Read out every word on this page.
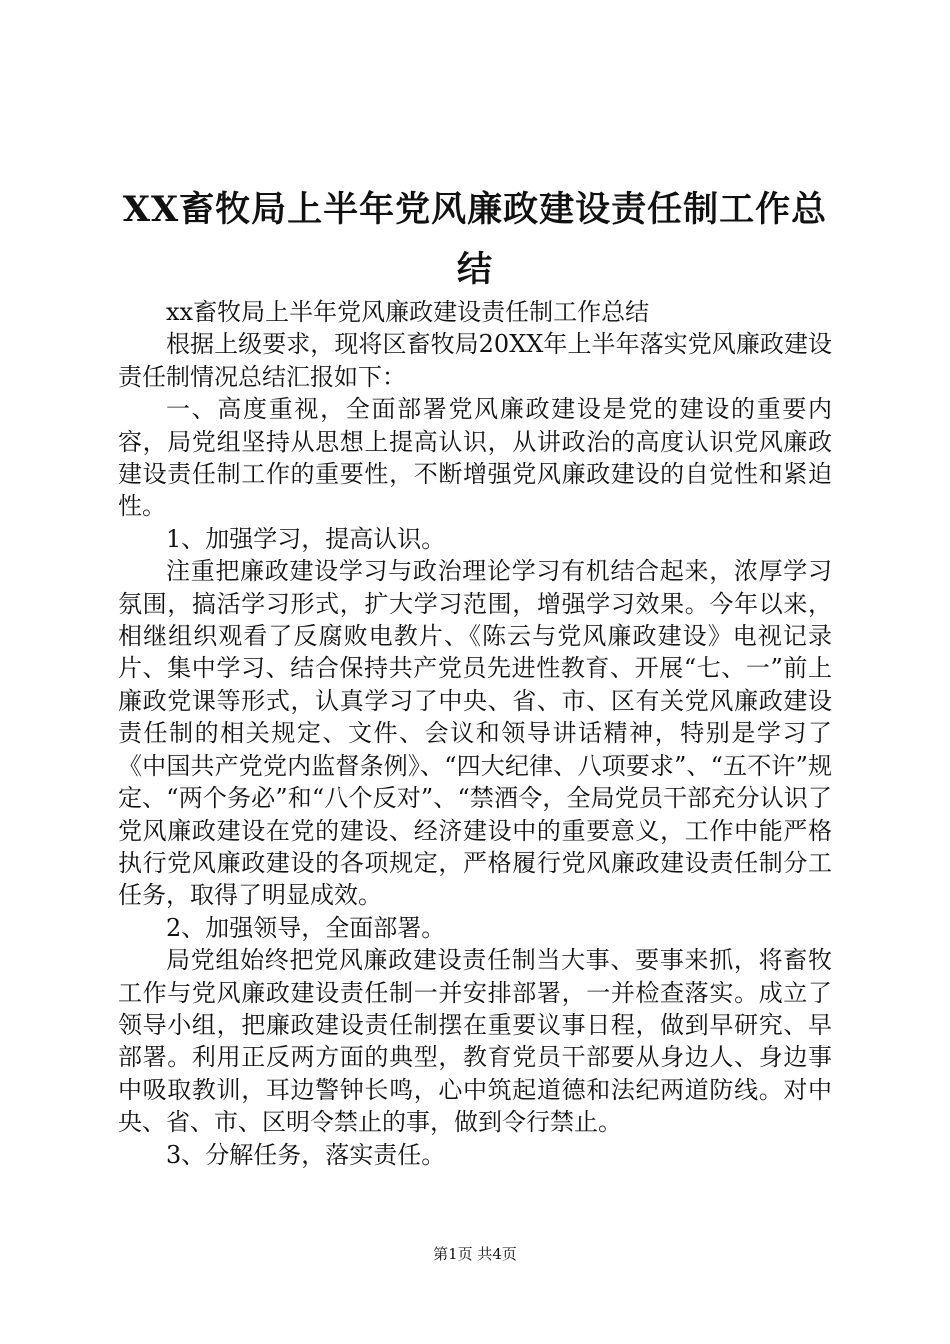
XX畜牧局上半年党风廉政建设责任制工作总结

xx畜牧局上半年党风廉政建设责任制工作总结

根据上级要求，现将区畜牧局20XX年上半年落实党风廉政建设责任制情况总结汇报如下：

一、高度重视，全面部署党风廉政建设是党的建设的重要内容，局党组坚持从思想上提高认识，从讲政治的高度认识党风廉政建设责任制工作的重要性，不断增强党风廉政建设的自觉性和紧迫性。

1、加强学习，提高认识。

注重把廉政建设学习与政治理论学习有机结合起来，浓厚学习氛围，搞活学习形式，扩大学习范围，增强学习效果。今年以来，相继组织观看了反腐败电教片、《陈云与党风廉政建设》电视记录片、集中学习、结合保持共产党员先进性教育、开展“七、一”前上廉政党课等形式，认真学习了中央、省、市、区有关党风廉政建设责任制的相关规定、文件、会议和领导讲话精神，特别是学习了《中国共产党党内监督条例》、“四大纪律、八项要求”、“五不许”规定、“两个务必”和“八个反对”、“禁酒令，全局党员干部充分认识了党风廉政建设在党的建设、经济建设中的重要意义，工作中能严格执行党风廉政建设的各项规定，严格履行党风廉政建设责任制分工任务，取得了明显成效。

2、加强领导，全面部署。

局党组始终把党风廉政建设责任制当大事、要事来抓，将畜牧工作与党风廉政建设责任制一并安排部署，一并检查落实。成立了领导小组，把廉政建设责任制摆在重要议事日程，做到早研究、早部署。利用正反两方面的典型，教育党员干部要从身边人、身边事中吸取教训，耳边警钟长鸣，心中筑起道德和法纪两道防线。对中央、省、市、区明令禁止的事，做到令行禁止。

3、分解任务，落实责任。

第1页 共4页
